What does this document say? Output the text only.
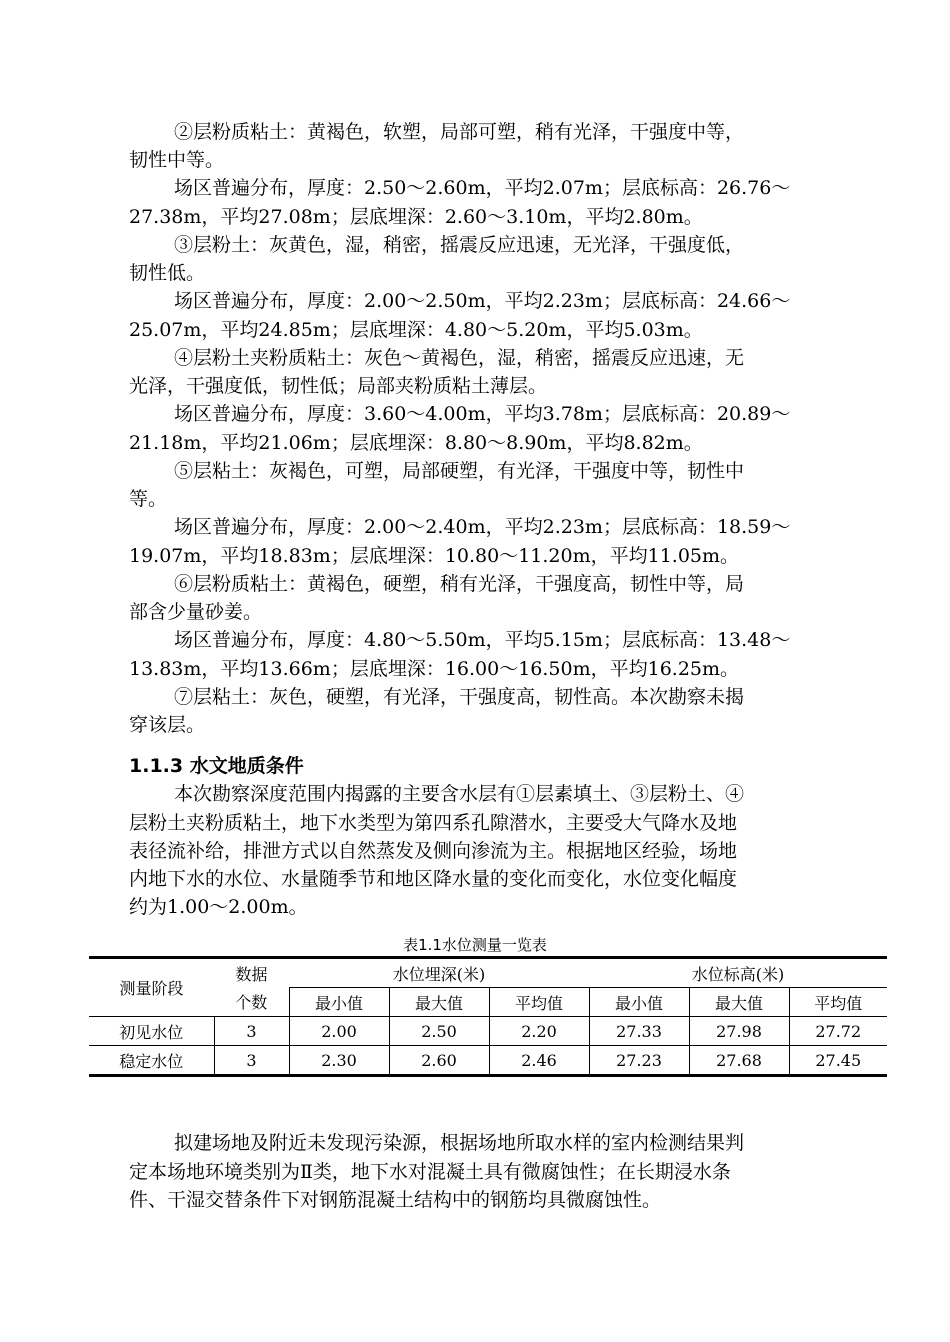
②层粉质粘土：黄褐色，软塑，局部可塑，稍有光泽，干强度中等，
韧性中等。
场区普遍分布，厚度：2.50～2.60m，平均2.07m；层底标高：26.76～
27.38m，平均27.08m；层底埋深：2.60～3.10m，平均2.80m。
③层粉土：灰黄色，湿，稍密，摇震反应迅速，无光泽，干强度低，
韧性低。
场区普遍分布，厚度：2.00～2.50m，平均2.23m；层底标高：24.66～
25.07m，平均24.85m；层底埋深：4.80～5.20m，平均5.03m。
④层粉土夹粉质粘土：灰色～黄褐色，湿，稍密，摇震反应迅速，无
光泽，干强度低，韧性低；局部夹粉质粘土薄层。
场区普遍分布，厚度：3.60～4.00m，平均3.78m；层底标高：20.89～
21.18m，平均21.06m；层底埋深：8.80～8.90m，平均8.82m。
⑤层粘土：灰褐色，可塑，局部硬塑，有光泽，干强度中等，韧性中
等。
场区普遍分布，厚度：2.00～2.40m，平均2.23m；层底标高：18.59～
19.07m，平均18.83m；层底埋深：10.80～11.20m，平均11.05m。
⑥层粉质粘土：黄褐色，硬塑，稍有光泽，干强度高，韧性中等，局
部含少量砂姜。
场区普遍分布，厚度：4.80～5.50m，平均5.15m；层底标高：13.48～
13.83m，平均13.66m；层底埋深：16.00～16.50m，平均16.25m。
⑦层粘土：灰色，硬塑，有光泽，干强度高，韧性高。本次勘察未揭
穿该层。
1.1.3 水文地质条件
本次勘察深度范围内揭露的主要含水层有①层素填土、③层粉土、④
层粉土夹粉质粘土，地下水类型为第四系孔隙潜水，主要受大气降水及地
表径流补给，排泄方式以自然蒸发及侧向渗流为主。根据地区经验，场地
内地下水的水位、水量随季节和地区降水量的变化而变化，水位变化幅度
约为1.00～2.00m。
表1.1水位测量一览表
测量阶段	数据	水位埋深(米)			水位标高(米)		
	个数	最小值	最大值	平均值	最小值	最大值	平均值
初见水位	3	2.00	2.50	2.20	27.33	27.98	27.72
稳定水位	3	2.30	2.60	2.46	27.23	27.68	27.45
拟建场地及附近未发现污染源，根据场地所取水样的室内检测结果判
定本场地环境类别为Ⅱ类，地下水对混凝土具有微腐蚀性；在长期浸水条
件、干湿交替条件下对钢筋混凝土结构中的钢筋均具微腐蚀性。
